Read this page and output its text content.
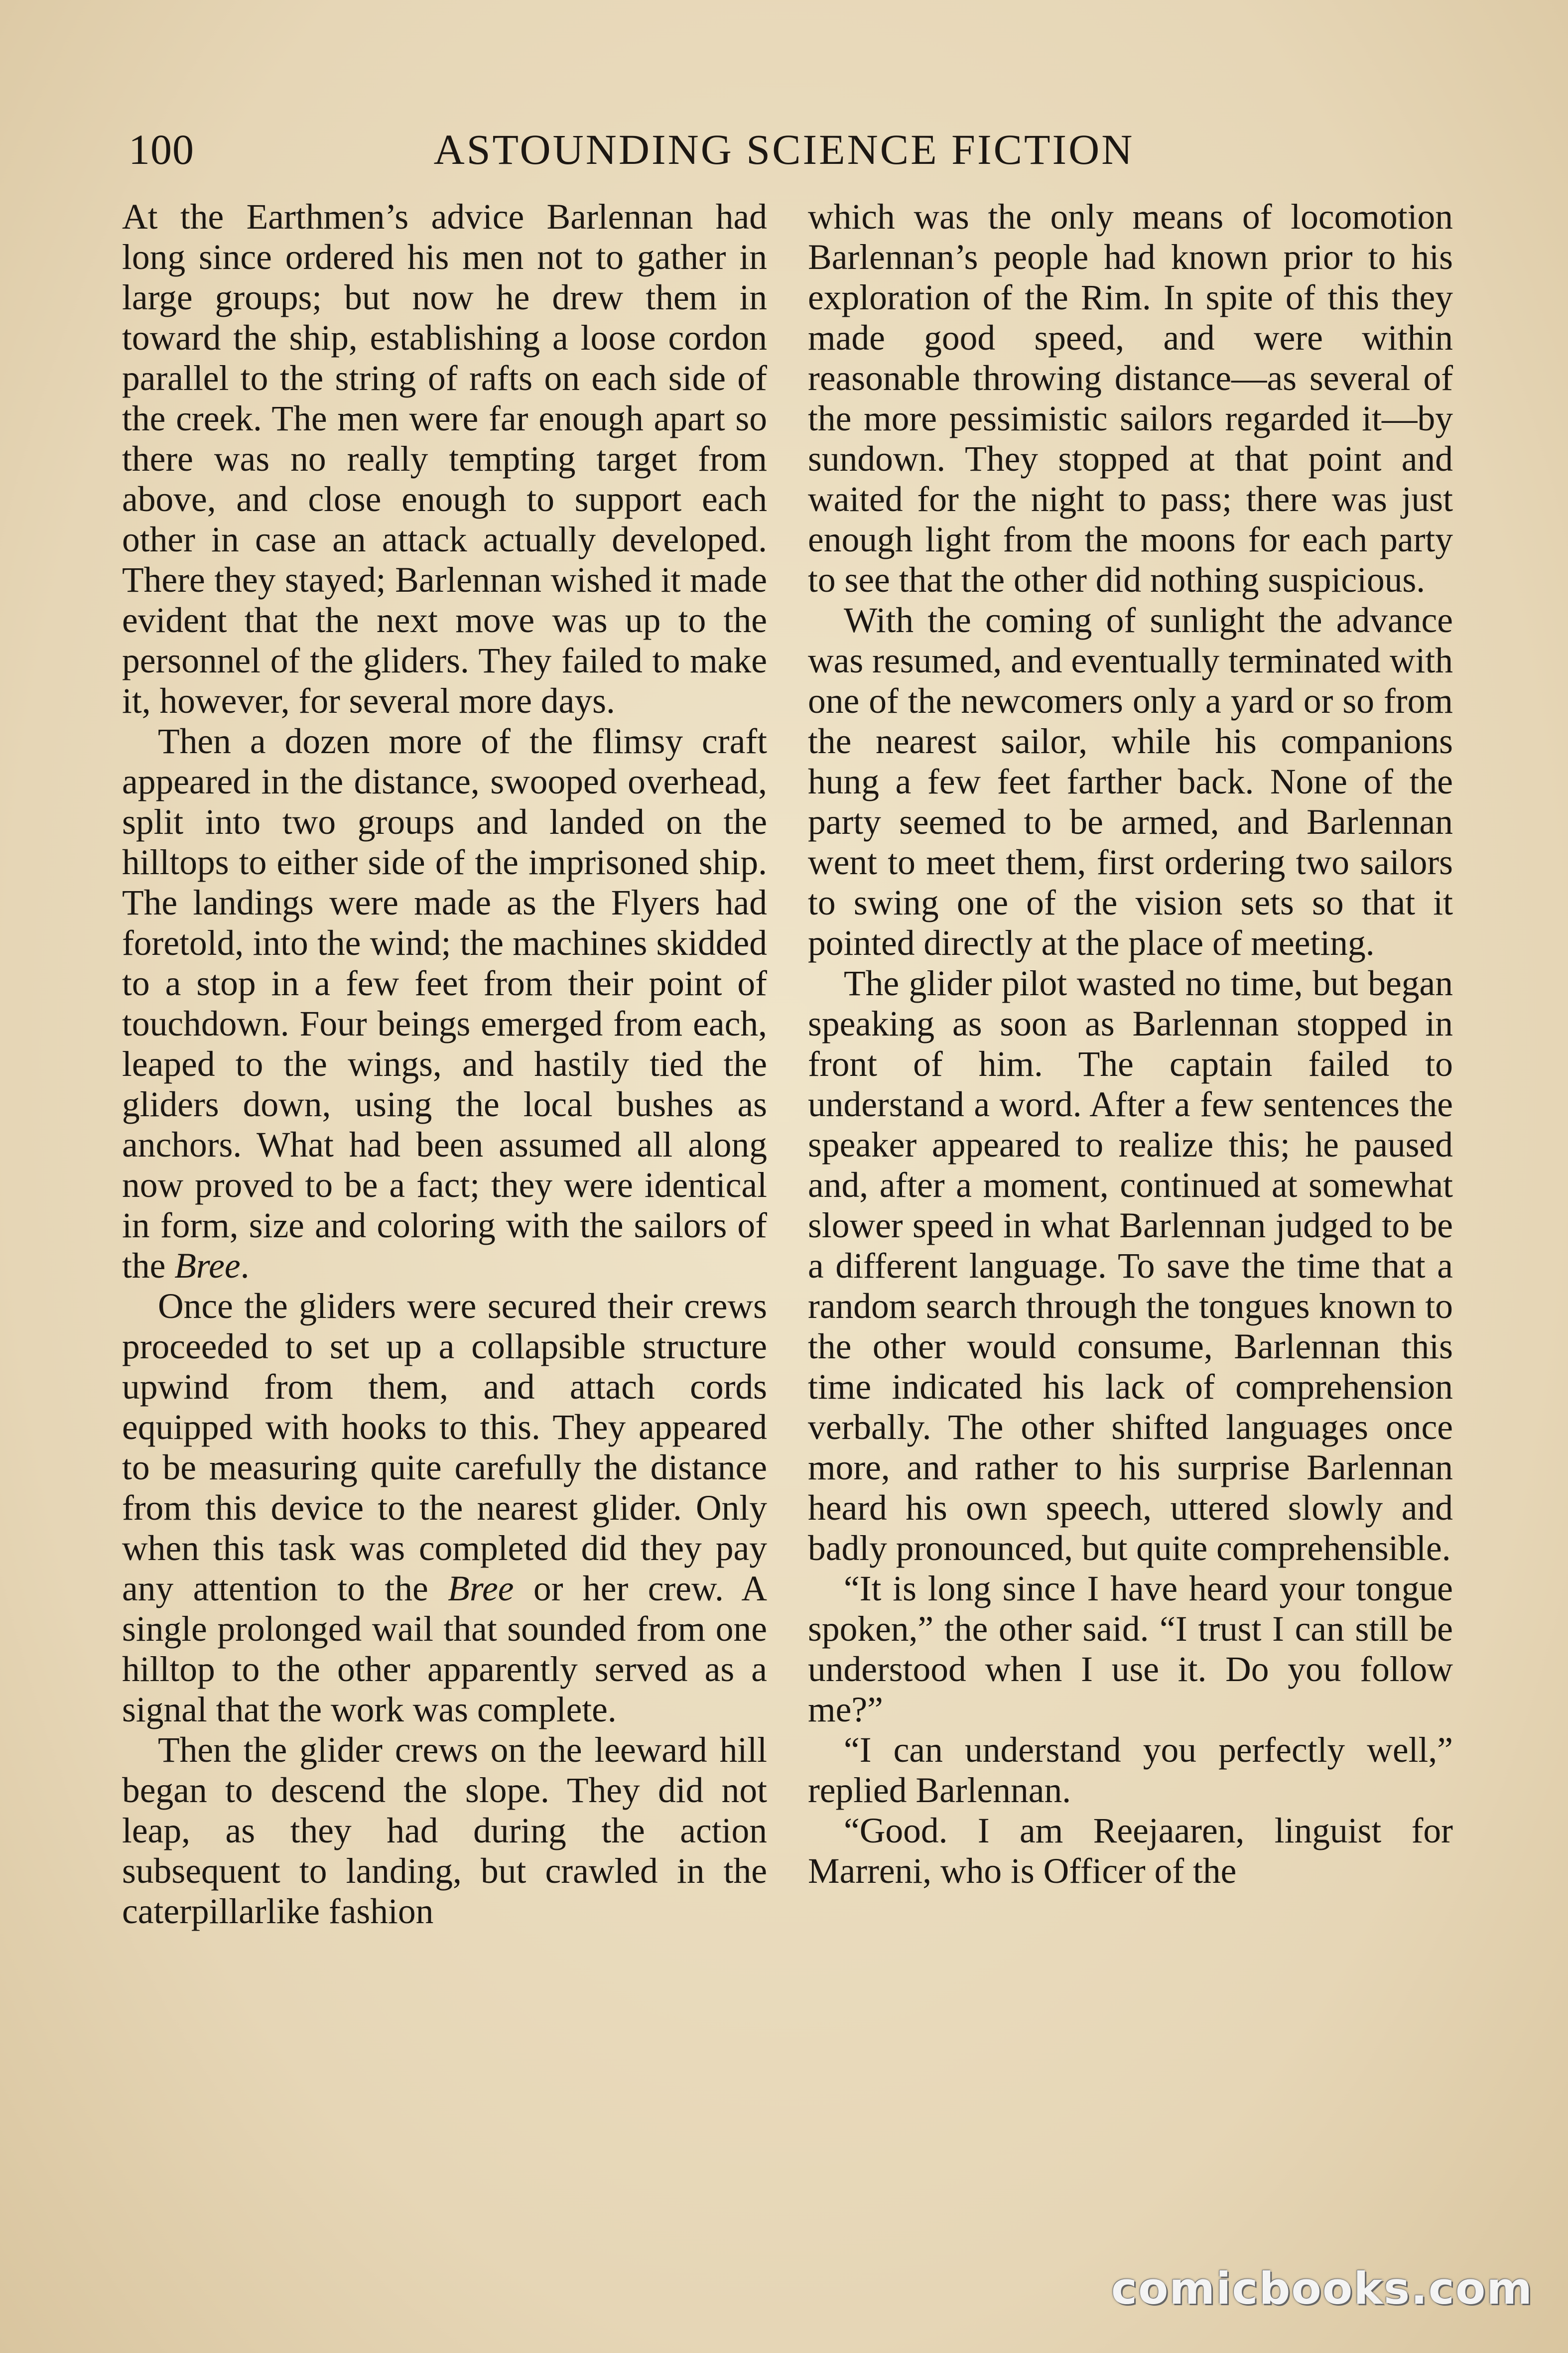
100	ASTOUNDING SCIENCE FICTION

At the Earthmen’s advice Barlennan had long since ordered his men not to gather in large groups; but now he drew them in toward the ship, establishing a loose cordon parallel to the string of rafts on each side of the creek. The men were far enough apart so there was no really tempting target from above, and close enough to support each other in case an attack actually developed. There they stayed; Barlennan wished it made evident that the next move was up to the personnel of the gliders. They failed to make it, however, for several more days.

Then a dozen more of the flimsy craft appeared in the distance, swooped overhead, split into two groups and landed on the hilltops to either side of the imprisoned ship. The landings were made as the Flyers had foretold, into the wind; the machines skidded to a stop in a few feet from their point of touchdown. Four beings emerged from each, leaped to the wings, and hastily tied the gliders down, using the local bushes as anchors. What had been assumed all along now proved to be a fact; they were identical in form, size and coloring with the sailors of the Bree.

Once the gliders were secured their crews proceeded to set up a collapsible structure upwind from them, and attach cords equipped with hooks to this. They appeared to be measuring quite carefully the distance from this device to the nearest glider. Only when this task was completed did they pay any attention to the Bree or her crew. A single prolonged wail that sounded from one hilltop to the other apparently served as a signal that the work was complete.

Then the glider crews on the leeward hill began to descend the slope. They did not leap, as they had during the action subsequent to landing, but crawled in the caterpillarlike fashion

which was the only means of locomotion Barlennan’s people had known prior to his exploration of the Rim. In spite of this they made good speed, and were within reasonable throwing distance—as several of the more pessimistic sailors regarded it—by sundown. They stopped at that point and waited for the night to pass; there was just enough light from the moons for each party to see that the other did nothing suspicious.

With the coming of sunlight the advance was resumed, and eventually terminated with one of the newcomers only a yard or so from the nearest sailor, while his companions hung a few feet farther back. None of the party seemed to be armed, and Barlennan went to meet them, first ordering two sailors to swing one of the vision sets so that it pointed directly at the place of meeting.

The glider pilot wasted no time, but began speaking as soon as Barlennan stopped in front of him. The captain failed to understand a word. After a few sentences the speaker appeared to realize this; he paused and, after a moment, continued at somewhat slower speed in what Barlennan judged to be a different language. To save the time that a random search through the tongues known to the other would consume, Barlennan this time indicated his lack of comprehension verbally. The other shifted languages once more, and rather to his surprise Barlennan heard his own speech, uttered slowly and badly pronounced, but quite comprehensible.

“It is long since I have heard your tongue spoken,” the other said. “I trust I can still be understood when I use it. Do you follow me?”

“I can understand you perfectly well,” replied Barlennan.

“Good. I am Reejaaren, linguist for Marreni, who is Officer of the

comicbooks.com
